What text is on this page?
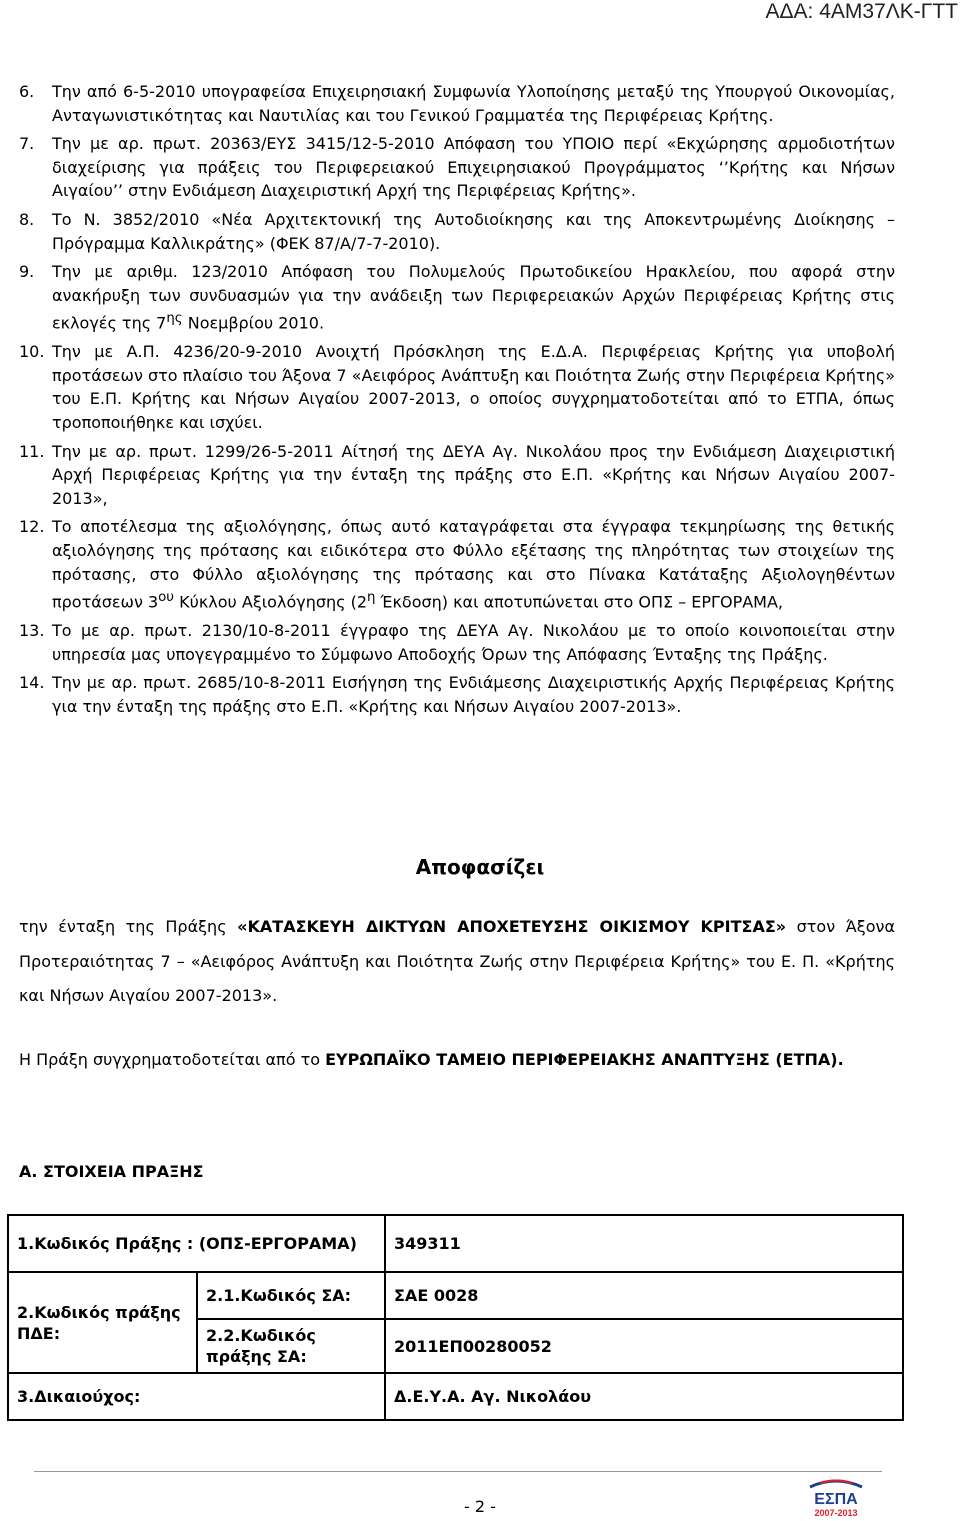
ΑΔΑ: 4ΑΜ37ΛΚ-ΓΤΤ
6.	Την από 6-5-2010 υπογραφείσα Επιχειρησιακή Συμφωνία Υλοποίησης μεταξύ της Υπουργού Οικονομίας, Ανταγωνιστικότητας και Ναυτιλίας και του Γενικού Γραμματέα της Περιφέρειας Κρήτης.
7.	Την με αρ. πρωτ. 20363/ΕΥΣ 3415/12-5-2010 Απόφαση του ΥΠΟΙΟ περί «Εκχώρησης αρμοδιοτήτων διαχείρισης για πράξεις του Περιφερειακού Επιχειρησιακού Προγράμματος ‘’Κρήτης και Νήσων Αιγαίου’’ στην Ενδιάμεση Διαχειριστική Αρχή της Περιφέρειας Κρήτης».
8.	Το Ν. 3852/2010 «Νέα Αρχιτεκτονική της Αυτοδιοίκησης και της Αποκεντρωμένης Διοίκησης – Πρόγραμμα Καλλικράτης» (ΦΕΚ 87/Α/7-7-2010).
9.	Την με αριθμ. 123/2010 Απόφαση του Πολυμελούς Πρωτοδικείου Ηρακλείου, που αφορά στην ανακήρυξη των συνδυασμών για την ανάδειξη των Περιφερειακών Αρχών Περιφέρειας Κρήτης στις εκλογές της $7^{\eta\varsigma}$ Νοεμβρίου 2010.
10. Την με Α.Π. 4236/20-9-2010 Ανοιχτή Πρόσκληση της Ε.Δ.Α. Περιφέρειας Κρήτης για υποβολή προτάσεων στο πλαίσιο του Άξονα 7 «Αειφόρος Ανάπτυξη και Ποιότητα Ζωής στην Περιφέρεια Κρήτης» του Ε.Π. Κρήτης και Νήσων Αιγαίου 2007-2013, ο οποίος συγχρηματοδοτείται από το ΕΤΠΑ, όπως τροποποιήθηκε και ισχύει.
11. Την με αρ. πρωτ. 1299/26-5-2011 Αίτησή της ΔΕΥΑ Αγ. Νικολάου προς την Ενδιάμεση Διαχειριστική Αρχή Περιφέρειας Κρήτης για την ένταξη της πράξης στο Ε.Π. «Κρήτης και Νήσων Αιγαίου 2007-2013»,
12. Το αποτέλεσμα της αξιολόγησης, όπως αυτό καταγράφεται στα έγγραφα τεκμηρίωσης της θετικής αξιολόγησης της πρότασης και ειδικότερα στο Φύλλο εξέτασης της πληρότητας των στοιχείων της πρότασης, στο Φύλλο αξιολόγησης της πρότασης και στο Πίνακα Κατάταξης Αξιολογηθέντων προτάσεων $3^{o\upsilon}$ Κύκλου Αξιολόγησης ($2^\eta$ Έκδοση) και αποτυπώνεται στο ΟΠΣ – ΕΡΓΟΡΑΜΑ,
13. Το με αρ. πρωτ. 2130/10-8-2011 έγγραφο της ΔΕΥΑ Αγ. Νικολάου με το οποίο κοινοποιείται στην υπηρεσία μας υπογεγραμμένο το Σύμφωνο Αποδοχής Όρων της Απόφασης Ένταξης της Πράξης.
14. Την με αρ. πρωτ. 2685/10-8-2011 Εισήγηση της Ενδιάμεσης Διαχειριστικής Αρχής Περιφέρειας Κρήτης για την ένταξη της πράξης στο Ε.Π. «Κρήτης και Νήσων Αιγαίου 2007-2013».
Αποφασίζει
την ένταξη της Πράξης «ΚΑΤΑΣΚΕΥΗ ΔΙΚΤΥΩΝ ΑΠΟΧΕΤΕΥΣΗΣ ΟΙΚΙΣΜΟΥ ΚΡΙΤΣΑΣ» στον Άξονα Προτεραιότητας 7 – «Αειφόρος Ανάπτυξη και Ποιότητα Ζωής στην Περιφέρεια Κρήτης» του Ε. Π. «Κρήτης και Νήσων Αιγαίου 2007-2013».
Η Πράξη συγχρηματοδοτείται από το ΕΥΡΩΠΑΪΚΟ ΤΑΜΕΙΟ ΠΕΡΙΦΕΡΕΙΑΚΗΣ ΑΝΑΠΤΥΞΗΣ (ΕΤΠΑ).
Α. ΣΤΟΙΧΕΙΑ ΠΡΑΞΗΣ
1.Κωδικός Πράξης : (ΟΠΣ-ΕΡΓΟΡΑΜΑ)		349311
2.Κωδικός πράξης ΠΔΕ:	2.1.Κωδικός ΣΑ:	ΣΑΕ 0028
	2.2.Κωδικός πράξης ΣΑ:	2011ΕΠ00280052
3.Δικαιούχος:		Δ.Ε.Υ.Α. Αγ. Νικολάου
- 2 -	ΕΣΠΑ
2007-2013
